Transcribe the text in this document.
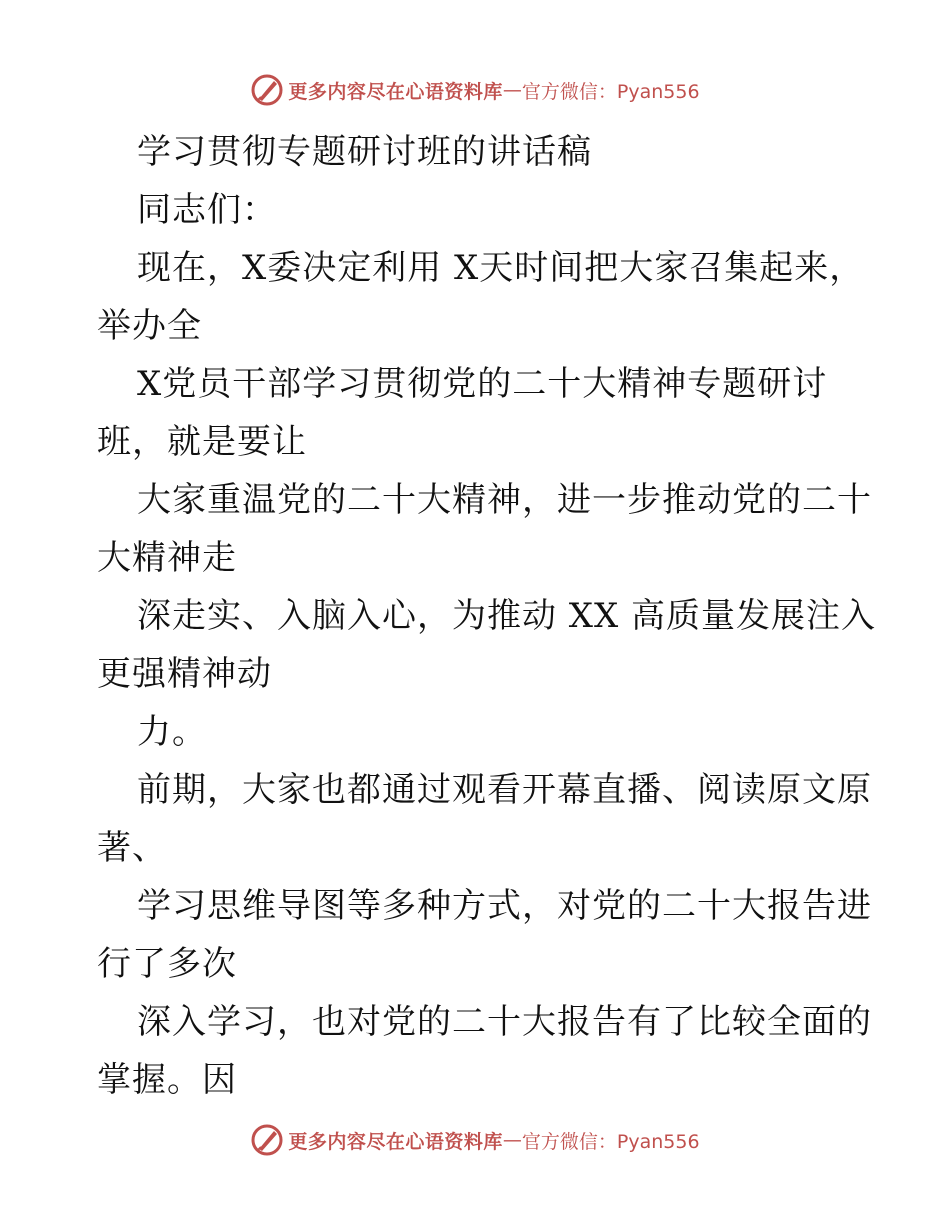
更多内容尽在心语资料库 — 官方微信：Pyan556
学习贯彻专题研讨班的讲话稿
同志们：
现在，X委决定利用 X天时间把大家召集起来，
举办全
X党员干部学习贯彻党的二十大精神专题研讨
班，就是要让
大家重温党的二十大精神，进一步推动党的二十
大精神走
深走实、入脑入心，为推动 XX 高质量发展注入
更强精神动
力。
前期，大家也都通过观看开幕直播、阅读原文原
著、
学习思维导图等多种方式，对党的二十大报告进
行了多次
深入学习，也对党的二十大报告有了比较全面的
掌握。因
更多内容尽在心语资料库 — 官方微信：Pyan556
